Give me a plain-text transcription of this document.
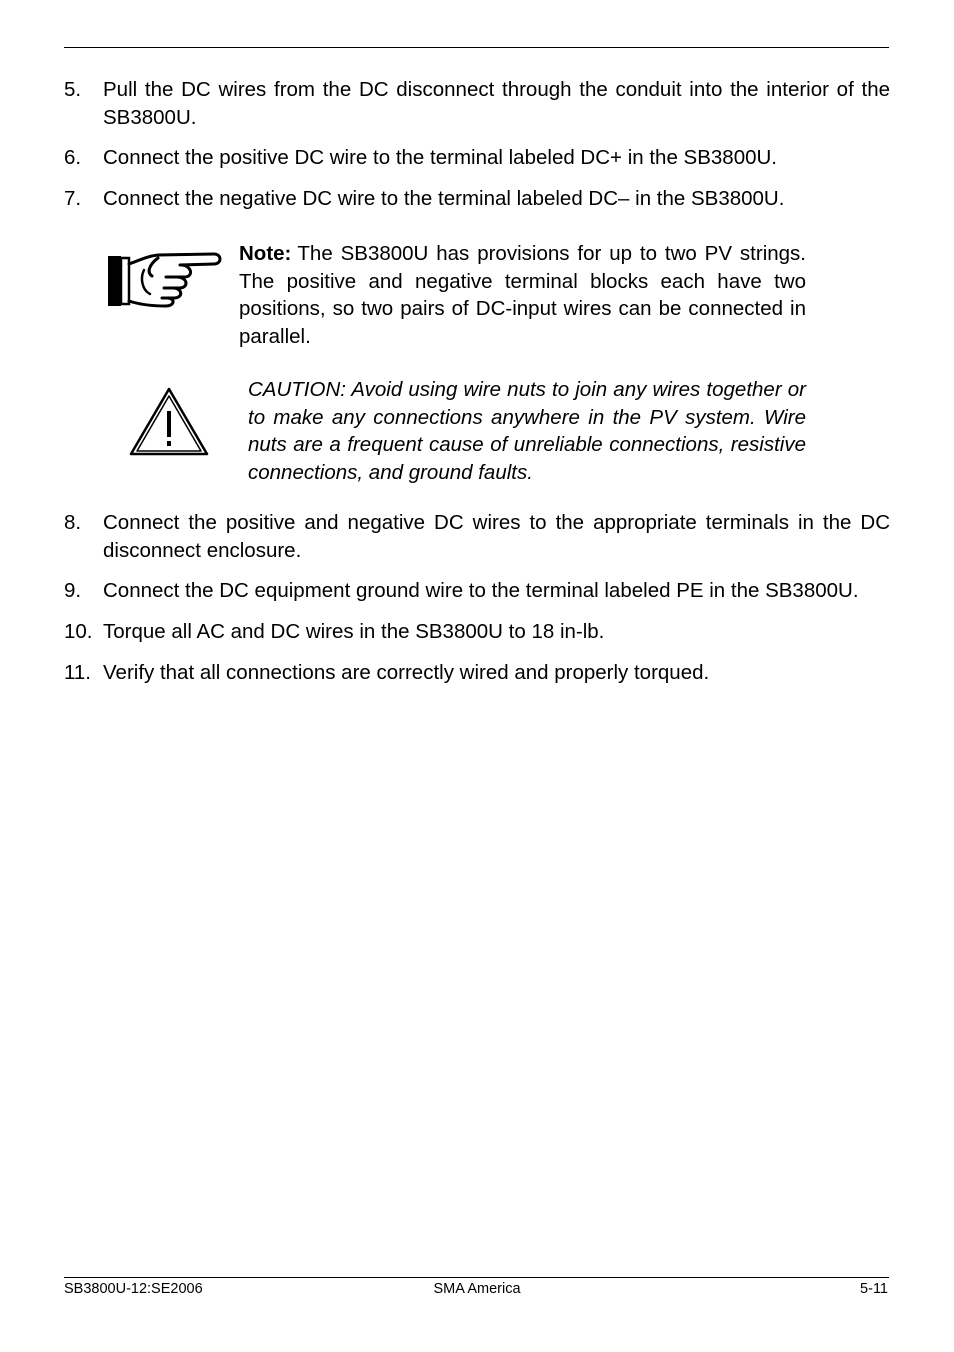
5. Pull the DC wires from the DC disconnect through the conduit into the interior of the SB3800U.
6. Connect the positive DC wire to the terminal labeled DC+ in the SB3800U.
7. Connect the negative DC wire to the terminal labeled DC– in the SB3800U.
Note: The SB3800U has provisions for up to two PV strings. The positive and negative terminal blocks each have two positions, so two pairs of DC-input wires can be connected in parallel.
CAUTION: Avoid using wire nuts to join any wires together or to make any connections anywhere in the PV system. Wire nuts are a frequent cause of unreliable connections, resistive connections, and ground faults.
8. Connect the positive and negative DC wires to the appropriate terminals in the DC disconnect enclosure.
9. Connect the DC equipment ground wire to the terminal labeled PE in the SB3800U.
10. Torque all AC and DC wires in the SB3800U to 18 in-lb.
11. Verify that all connections are correctly wired and properly torqued.
SB3800U-12:SE2006	SMA America	5-11
